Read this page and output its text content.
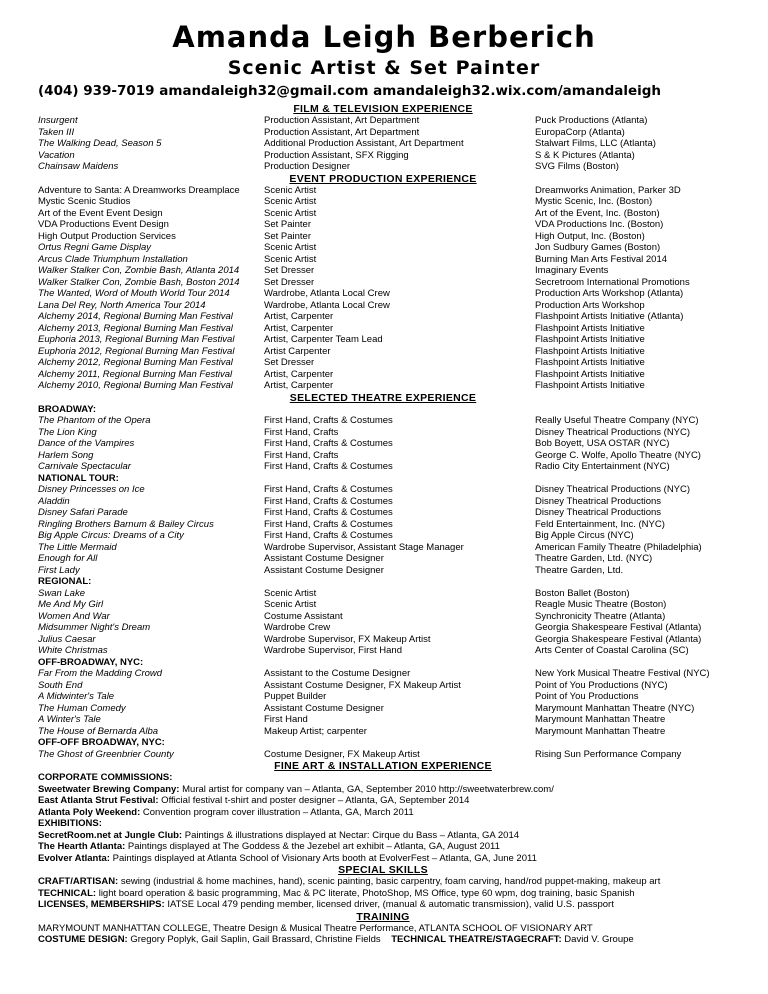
Amanda Leigh Berberich
Scenic Artist & Set Painter
(404) 939-7019 amandaleigh32@gmail.com amandaleigh32.wix.com/amandaleigh
FILM & TELEVISION EXPERIENCE
Insurgent	Production Assistant, Art Department	Puck Productions (Atlanta)
Taken III	Production Assistant, Art Department	EuropaCorp (Atlanta)
The Walking Dead, Season 5	Additional Production Assistant, Art Department	Stalwart Films, LLC (Atlanta)
Vacation	Production Assistant, SFX Rigging	S & K Pictures (Atlanta)
Chainsaw Maidens	Production Designer	SVG Films (Boston)
EVENT PRODUCTION EXPERIENCE
Adventure to Santa: A Dreamworks Dreamplace	Scenic Artist	Dreamworks Animation, Parker 3D
Mystic Scenic Studios	Scenic Artist	Mystic Scenic, Inc. (Boston)
Art of the Event Event Design	Scenic Artist	Art of the Event, Inc. (Boston)
VDA Productions Event Design	Set Painter	VDA Productions Inc. (Boston)
High Output Production Services	Set Painter	High Output, Inc. (Boston)
Ortus Regni Game Display	Scenic Artist	Jon Sudbury Games (Boston)
Arcus Clade Triumphum Installation	Scenic Artist	Burning Man Arts Festival 2014
Walker Stalker Con, Zombie Bash, Atlanta 2014	Set Dresser	Imaginary Events
Walker Stalker Con, Zombie Bash, Boston 2014	Set Dresser	Secretroom International Promotions
The Wanted, Word of Mouth World Tour 2014	Wardrobe, Atlanta Local Crew	Production Arts Workshop (Atlanta)
Lana Del Rey, North America Tour 2014	Wardrobe, Atlanta Local Crew	Production Arts Workshop
Alchemy 2014, Regional Burning Man Festival	Artist, Carpenter	Flashpoint Artists Initiative (Atlanta)
Alchemy 2013, Regional Burning Man Festival	Artist, Carpenter	Flashpoint Artists Initiative
Euphoria 2013, Regional Burning Man Festival	Artist, Carpenter Team Lead	Flashpoint Artists Initiative
Euphoria 2012, Regional Burning Man Festival	Artist Carpenter	Flashpoint Artists Initiative
Alchemy 2012, Regional Burning Man Festival	Set Dresser	Flashpoint Artists Initiative
Alchemy 2011, Regional Burning Man Festival	Artist, Carpenter	Flashpoint Artists Initiative
Alchemy 2010, Regional Burning Man Festival	Artist, Carpenter	Flashpoint Artists Initiative
SELECTED THEATRE EXPERIENCE
BROADWAY:
The Phantom of the Opera	First Hand, Crafts & Costumes	Really Useful Theatre Company (NYC)
The Lion King	First Hand, Crafts	Disney Theatrical Productions (NYC)
Dance of the Vampires	First Hand, Crafts & Costumes	Bob Boyett, USA OSTAR (NYC)
Harlem Song	First Hand, Crafts	George C. Wolfe, Apollo Theatre (NYC)
Carnivale Spectacular	First Hand, Crafts & Costumes	Radio City Entertainment (NYC)
NATIONAL TOUR:
Disney Princesses on Ice	First Hand, Crafts & Costumes	Disney Theatrical Productions (NYC)
Aladdin	First Hand, Crafts & Costumes	Disney Theatrical Productions
Disney Safari Parade	First Hand, Crafts & Costumes	Disney Theatrical Productions
Ringling Brothers Barnum & Bailey Circus	First Hand, Crafts & Costumes	Feld Entertainment, Inc. (NYC)
Big Apple Circus: Dreams of a City	First Hand, Crafts & Costumes	Big Apple Circus (NYC)
The Little Mermaid	Wardrobe Supervisor, Assistant Stage Manager	American Family Theatre (Philadelphia)
Enough for All	Assistant Costume Designer	Theatre Garden, Ltd. (NYC)
First Lady	Assistant Costume Designer	Theatre Garden, Ltd.
REGIONAL:
Swan Lake	Scenic Artist	Boston Ballet (Boston)
Me And My Girl	Scenic Artist	Reagle Music Theatre (Boston)
Women And War	Costume Assistant	Synchronicity Theatre (Atlanta)
Midsummer Night's Dream	Wardrobe Crew	Georgia Shakespeare Festival (Atlanta)
Julius Caesar	Wardrobe Supervisor, FX Makeup Artist	Georgia Shakespeare Festival (Atlanta)
White Christmas	Wardrobe Supervisor, First Hand	Arts Center of Coastal Carolina (SC)
OFF-BROADWAY, NYC:
Far From the Madding Crowd	Assistant to the Costume Designer	New York Musical Theatre Festival (NYC)
South End	Assistant Costume Designer, FX Makeup Artist	Point of You Productions (NYC)
A Midwinter's Tale	Puppet Builder	Point of You Productions
The Human Comedy	Assistant Costume Designer	Marymount Manhattan Theatre (NYC)
A Winter's Tale	First Hand	Marymount Manhattan Theatre
The House of Bernarda Alba	Makeup Artist; carpenter	Marymount Manhattan Theatre
OFF-OFF BROADWAY, NYC:
The Ghost of Greenbrier County	Costume Designer, FX Makeup Artist	Rising Sun Performance Company
FINE ART & INSTALLATION EXPERIENCE
CORPORATE COMMISSIONS:
Sweetwater Brewing Company: Mural artist for company van – Atlanta, GA, September 2010 http://sweetwaterbrew.com/
East Atlanta Strut Festival: Official festival t-shirt and poster designer – Atlanta, GA, September 2014
Atlanta Poly Weekend: Convention program cover illustration – Atlanta, GA, March 2011
EXHIBITIONS:
SecretRoom.net at Jungle Club: Paintings & illustrations displayed at Nectar: Cirque du Bass – Atlanta, GA 2014
The Hearth Atlanta: Paintings displayed at The Goddess & the Jezebel art exhibit – Atlanta, GA, August 2011
Evolver Atlanta: Paintings displayed at Atlanta School of Visionary Arts booth at EvolverFest – Atlanta, GA, June 2011
SPECIAL SKILLS
CRAFT/ARTISAN: sewing (industrial & home machines, hand), scenic painting, basic carpentry, foam carving, hand/rod puppet-making, makeup art
TECHNICAL: light board operation & basic programming, Mac & PC literate, PhotoShop, MS Office, type 60 wpm, dog training, basic Spanish
LICENSES, MEMBERSHIPS: IATSE Local 479 pending member, licensed driver, (manual & automatic transmission), valid U.S. passport
TRAINING
MARYMOUNT MANHATTAN COLLEGE, Theatre Design & Musical Theatre Performance, ATLANTA SCHOOL OF VISIONARY ART
COSTUME DESIGN: Gregory Poplyk, Gail Saplin, Gail Brassard, Christine Fields TECHNICAL THEATRE/STAGECRAFT: David V. Groupe
